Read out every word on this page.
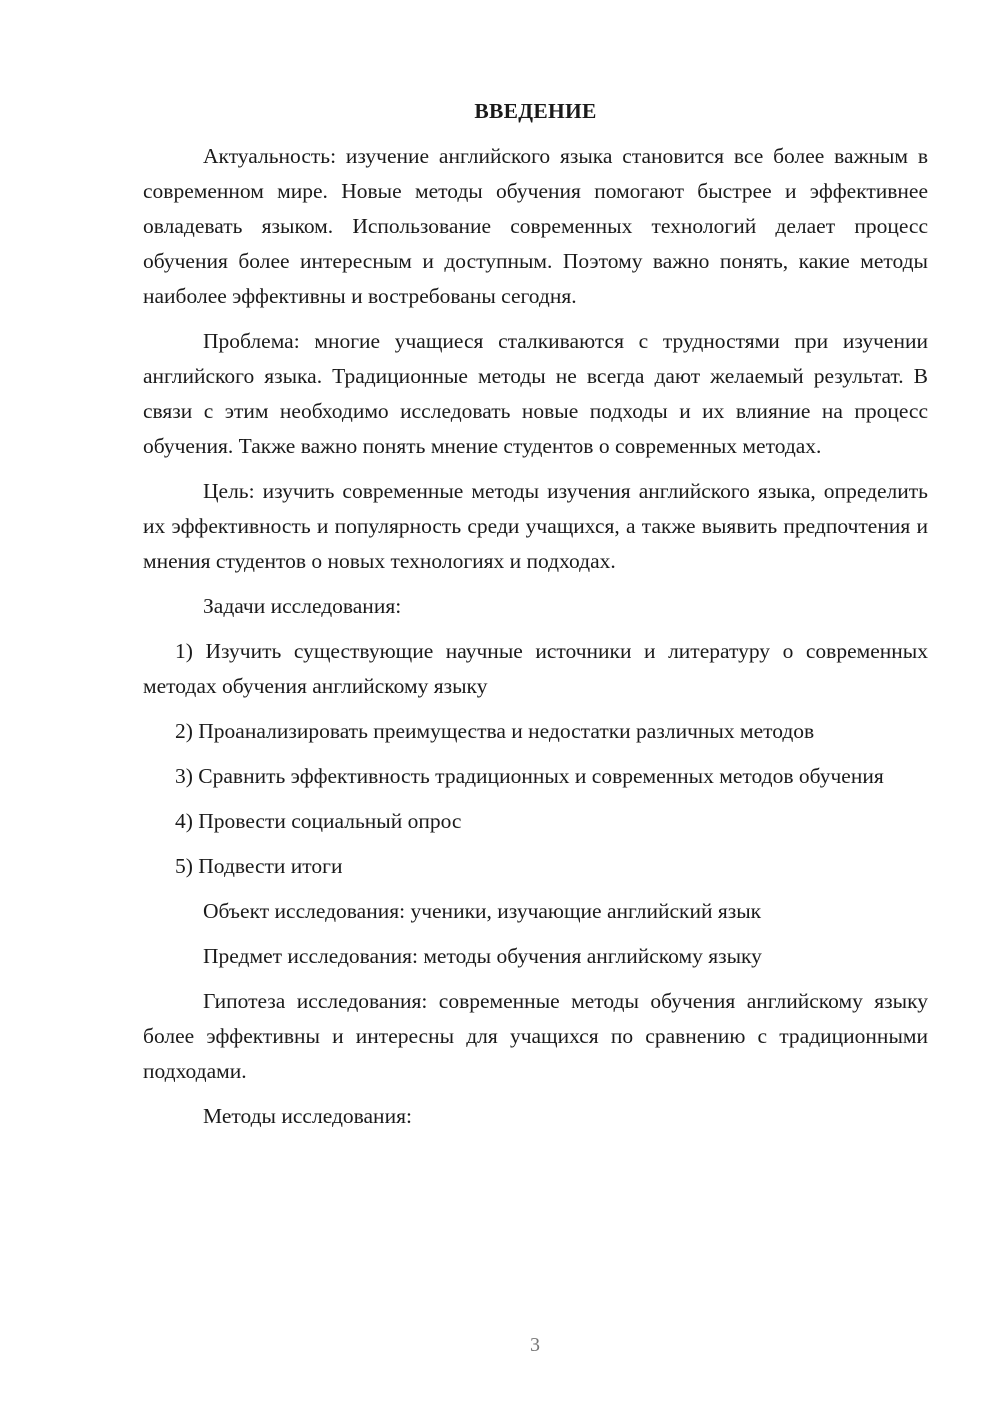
ВВЕДЕНИЕ

Актуальность: изучение английского языка становится все более важным в современном мире. Новые методы обучения помогают быстрее и эффективнее овладевать языком. Использование современных технологий делает процесс обучения более интересным и доступным. Поэтому важно понять, какие методы наиболее эффективны и востребованы сегодня.

Проблема: многие учащиеся сталкиваются с трудностями при изучении английского языка. Традиционные методы не всегда дают желаемый результат. В связи с этим необходимо исследовать новые подходы и их влияние на процесс обучения. Также важно понять мнение студентов о современных методах.

Цель: изучить современные методы изучения английского языка, определить их эффективность и популярность среди учащихся, а также выявить предпочтения и мнения студентов о новых технологиях и подходах.

Задачи исследования:

1) Изучить существующие научные источники и литературу о современных методах обучения английскому языку

2) Проанализировать преимущества и недостатки различных методов

3) Сравнить эффективность традиционных и современных методов обучения

4) Провести социальный опрос

5) Подвести итоги

Объект исследования: ученики, изучающие английский язык

Предмет исследования: методы обучения английскому языку

Гипотеза исследования: современные методы обучения английскому языку более эффективны и интересны для учащихся по сравнению с традиционными подходами.

Методы исследования:

3
